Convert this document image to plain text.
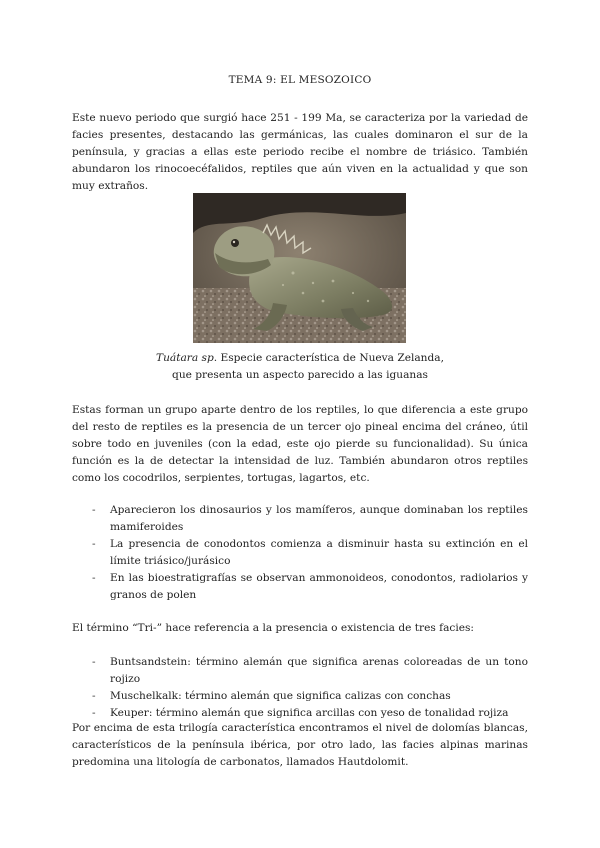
TEMA 9: EL MESOZOICO

Este nuevo periodo que surgió hace 251 - 199 Ma, se caracteriza por la variedad de facies presentes, destacando las germánicas, las cuales dominaron el sur de la península, y gracias a ellas este periodo recibe el nombre de triásico. También abundaron los rinocoecéfalidos, reptiles que aún viven en la actualidad y que son muy extraños.

Tuátara sp. Especie característica de Nueva Zelanda,
que presenta un aspecto parecido a las iguanas

Estas forman un grupo aparte dentro de los reptiles, lo que diferencia a este grupo del resto de reptiles es la presencia de un tercer ojo pineal encima del cráneo, útil sobre todo en juveniles (con la edad, este ojo pierde su funcionalidad). Su única función es la de detectar la intensidad de luz. También abundaron otros reptiles como los cocodrilos, serpientes, tortugas, lagartos, etc.

- Aparecieron los dinosaurios y los mamíferos, aunque dominaban los reptiles mamiferoides
- La presencia de conodontos comienza a disminuir hasta su extinción en el límite triásico/jurásico
- En las bioestratigrafías se observan ammonoideos, conodontos, radiolarios y granos de polen

El término “Tri-” hace referencia a la presencia o existencia de tres facies:

- Buntsandstein: término alemán que significa arenas coloreadas de un tono rojizo
- Muschelkalk: término alemán que significa calizas con conchas
- Keuper: término alemán que significa arcillas con yeso de tonalidad rojiza

Por encima de esta trilogía característica encontramos el nivel de dolomías blancas, característicos de la península ibérica, por otro lado, las facies alpinas marinas predomina una litología de carbonatos, llamados Hautdolomit.
